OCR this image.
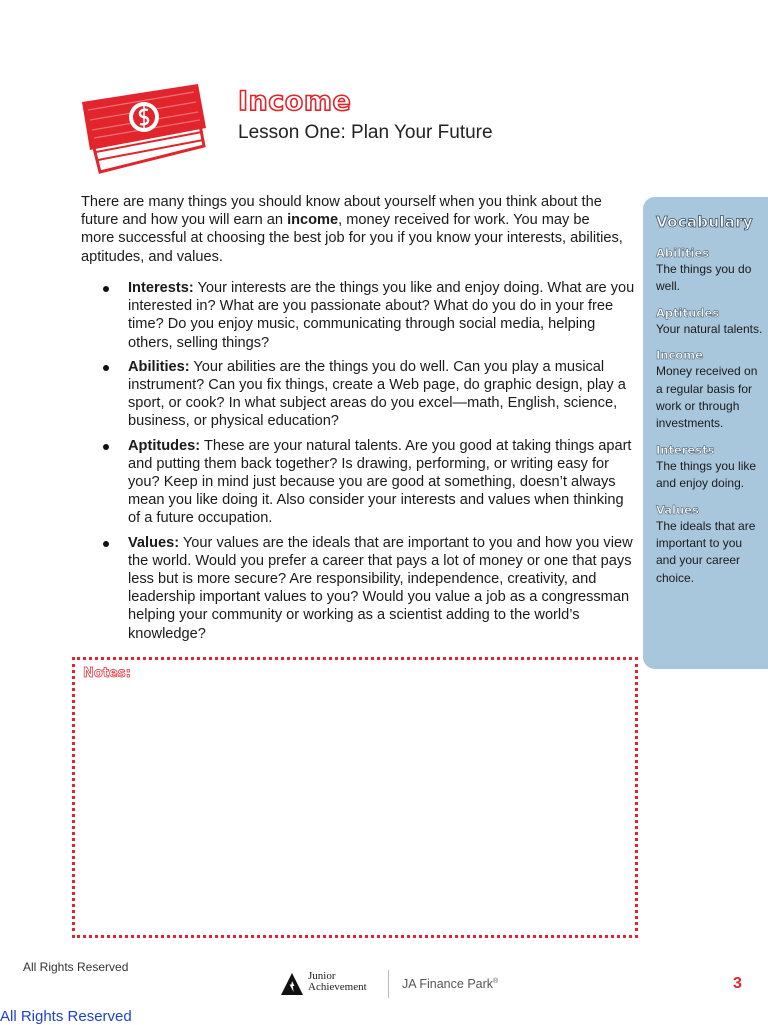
Income
Lesson One: Plan Your Future

There are many things you should know about yourself when you think about the future and how you will earn an income, money received for work. You may be more successful at choosing the best job for you if you know your interests, abilities, aptitudes, and values.

Interests: Your interests are the things you like and enjoy doing. What are you interested in? What are you passionate about? What do you do in your free time? Do you enjoy music, communicating through social media, helping others, selling things?
Abilities: Your abilities are the things you do well. Can you play a musical instrument? Can you fix things, create a Web page, do graphic design, play a sport, or cook? In what subject areas do you excel—math, English, science, business, or physical education?
Aptitudes: These are your natural talents. Are you good at taking things apart and putting them back together? Is drawing, performing, or writing easy for you? Keep in mind just because you are good at something, doesn’t always mean you like doing it. Also consider your interests and values when thinking of a future occupation.
Values: Your values are the ideals that are important to you and how you view the world. Would you prefer a career that pays a lot of money or one that pays less but is more secure? Are responsibility, independence, creativity, and leadership important values to you? Would you value a job as a congressman helping your community or working as a scientist adding to the world’s knowledge?
Vocabulary
Abilities
The things you do well.
Aptitudes
Your natural talents.
Income
Money received on a regular basis for work or through investments.
Interests
The things you like and enjoy doing.
Values
The ideals that are important to you and your career choice.
Notes:
All Rights Reserved
Junior
Achievement	JA Finance Park®	3
All Rights Reserved
